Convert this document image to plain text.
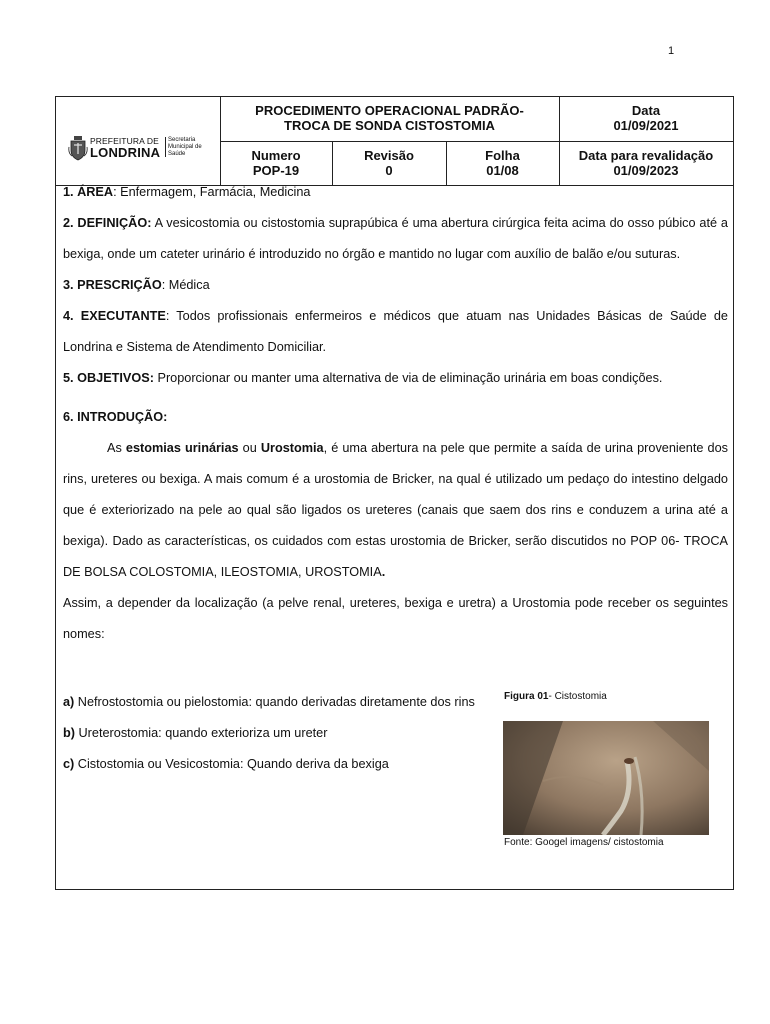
1
PREFEITURA DE
LONDRINA
Secretaria
Municipal de
Saúde
PROCEDIMENTO OPERACIONAL PADRÃO-
TROCA DE SONDA CISTOSTOMIA
Data
01/09/2021
Numero
POP-19
Revisão
0
Folha
01/08
Data para revalidação
01/09/2023

1. ÁREA: Enfermagem, Farmácia, Medicina

2. DEFINIÇÃO: A vesicostomia ou cistostomia suprapúbica é uma abertura cirúrgica feita acima do osso púbico até a bexiga, onde um cateter urinário é introduzido no órgão e mantido no lugar com auxílio de balão e/ou suturas.

3. PRESCRIÇÃO: Médica

4. EXECUTANTE: Todos profissionais enfermeiros e médicos que atuam nas Unidades Básicas de Saúde de Londrina e Sistema de Atendimento Domiciliar.

5. OBJETIVOS: Proporcionar ou manter uma alternativa de via de eliminação urinária em boas condições.

6. INTRODUÇÃO:

As estomias urinárias ou Urostomia, é uma abertura na pele que permite a saída de urina proveniente dos rins, ureteres ou bexiga. A mais comum é a urostomia de Bricker, na qual é utilizado um pedaço do intestino delgado que é exteriorizado na pele ao qual são ligados os ureteres (canais que saem dos rins e conduzem a urina até a bexiga). Dado as características, os cuidados com estas urostomia de Bricker, serão discutidos no POP 06- TROCA DE BOLSA COLOSTOMIA, ILEOSTOMIA, UROSTOMIA.

Assim, a depender da localização (a pelve renal, ureteres, bexiga e uretra) a Urostomia pode receber os seguintes nomes:

a) Nefrostostomia ou pielostomia: quando derivadas diretamente dos rins

b) Ureterostomia: quando exterioriza um ureter

c) Cistostomia ou Vesicostomia: Quando deriva da bexiga

Figura 01- Cistostomia
Fonte: Googel imagens/ cistostomia
